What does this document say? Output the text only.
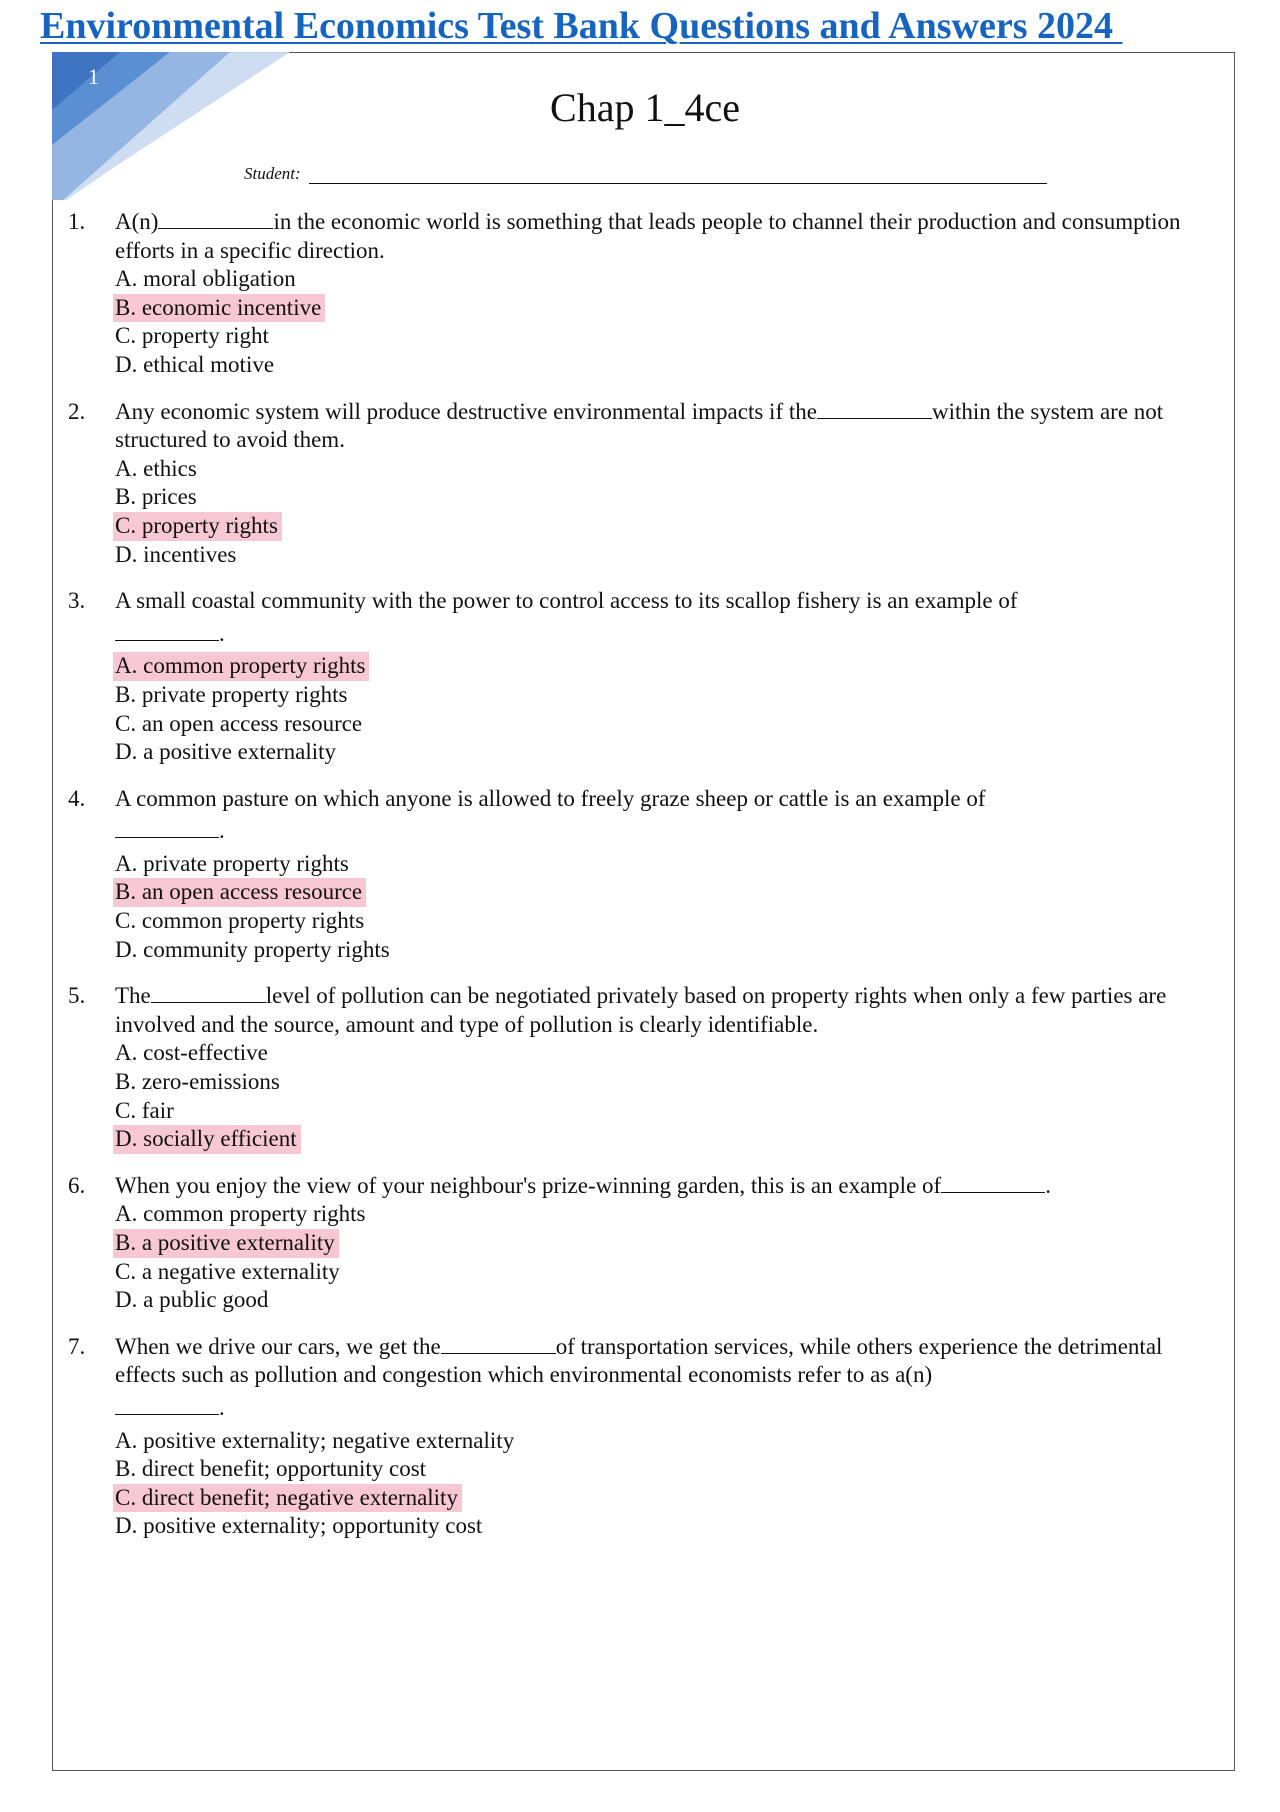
Environmental Economics Test Bank Questions and Answers 2024
1
Chap 1_4ce
Student:
1. A(n)	in the economic world is something that leads people to channel their production and consumption efforts in a specific direction.
A. moral obligation
B. economic incentive
C. property right
D. ethical motive
2. Any economic system will produce destructive environmental impacts if the	within the system are not structured to avoid them.
A. ethics
B. prices
C. property rights
D. incentives
3. A small coastal community with the power to control access to its scallop fishery is an example of
.
A. common property rights
B. private property rights
C. an open access resource
D. a positive externality
4. A common pasture on which anyone is allowed to freely graze sheep or cattle is an example of
.
A. private property rights
B. an open access resource
C. common property rights
D. community property rights
5. The	level of pollution can be negotiated privately based on property rights when only a few parties are involved and the source, amount and type of pollution is clearly identifiable.
A. cost-effective
B. zero-emissions
C. fair
D. socially efficient
6. When you enjoy the view of your neighbour's prize-winning garden, this is an example of	.
A. common property rights
B. a positive externality
C. a negative externality
D. a public good
7. When we drive our cars, we get the	of transportation services, while others experience the detrimental effects such as pollution and congestion which environmental economists refer to as a(n)
.
A. positive externality; negative externality
B. direct benefit; opportunity cost
C. direct benefit; negative externality
D. positive externality; opportunity cost
